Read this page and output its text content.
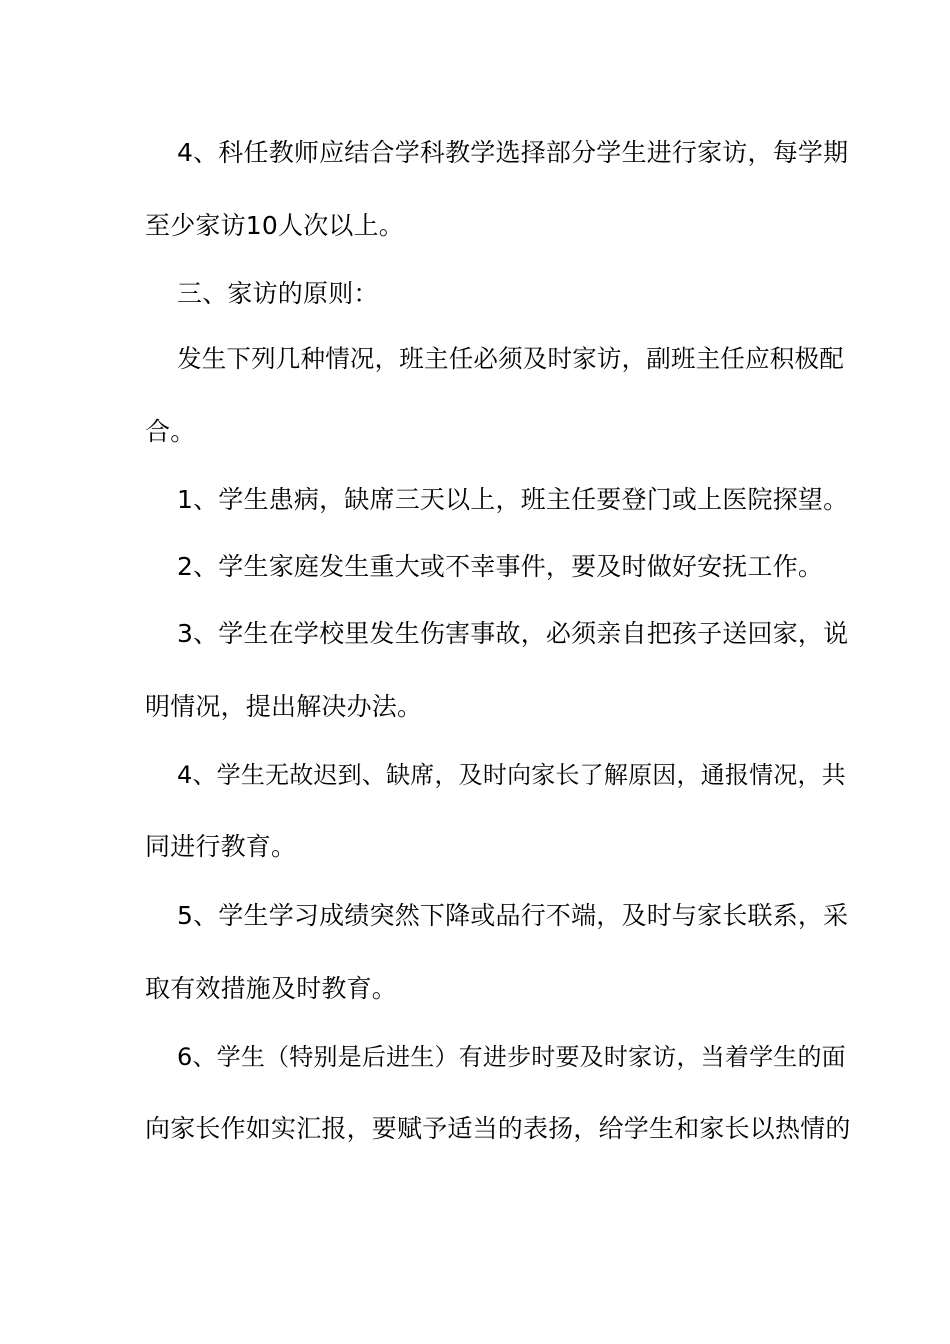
4、科任教师应结合学科教学选择部分学生进行家访，每学期
至少家访10人次以上。
三、家访的原则：
发生下列几种情况，班主任必须及时家访，副班主任应积极配
合。
1、学生患病，缺席三天以上，班主任要登门或上医院探望。
2、学生家庭发生重大或不幸事件，要及时做好安抚工作。
3、学生在学校里发生伤害事故，必须亲自把孩子送回家，说
明情况，提出解决办法。
4、学生无故迟到、缺席，及时向家长了解原因，通报情况，共
同进行教育。
5、学生学习成绩突然下降或品行不端，及时与家长联系，采
取有效措施及时教育。
6、学生（特别是后进生）有进步时要及时家访，当着学生的面
向家长作如实汇报，要赋予适当的表扬，给学生和家长以热情的
